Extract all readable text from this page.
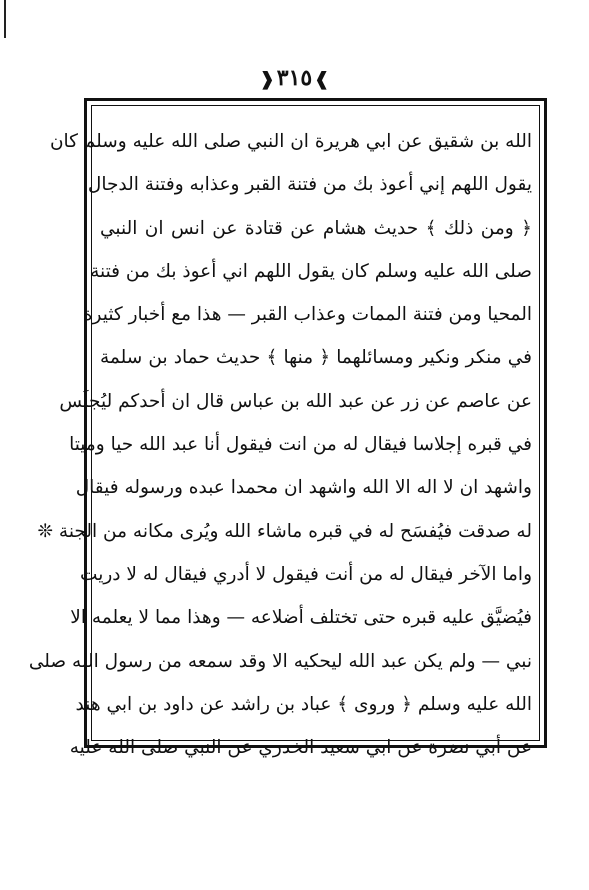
❱٣١٥❰
الله بن شقيق عن ابي هريرة ان النبي صلى الله عليه وسلم كان
يقول اللهم إني أعوذ بك من فتنة القبر وعذابه وفتنة الدجال
﴿ ومن ذلك ﴾ حديث هشام عن قتادة عن انس ان النبي
صلى الله عليه وسلم كان يقول اللهم اني أعوذ بك من فتنة
المحيا ومن فتنة الممات وعذاب القبر — هذا مع أخبار كثيرة
في منكر ونكير ومسائلهما ﴿ منها ﴾ حديث حماد بن سلمة
عن عاصم عن زر عن عبد الله بن عباس قال ان أحدكم ليُجلَس
في قبره إجلاسا فيقال له من انت فيقول أنا عبد الله حيا وميتا
واشهد ان لا اله الا الله واشهد ان محمدا عبده ورسوله فيقال
له صدقت فيُفسَح له في قبره ماشاء الله ويُرى مكانه من الجنة ❊
واما الآخر فيقال له من أنت فيقول لا أدري فيقال له لا دريت
فيُضيَّق عليه قبره حتى تختلف أضلاعه — وهذا مما لا يعلمه الا
نبي — ولم يكن عبد الله ليحكيه الا وقد سمعه من رسول الله صلى
الله عليه وسلم ﴿ وروى ﴾ عباد بن راشد عن داود بن ابي هند
عن أبي نضرة عن ابي سعيد الخدري عن النبي صلى الله عليه
